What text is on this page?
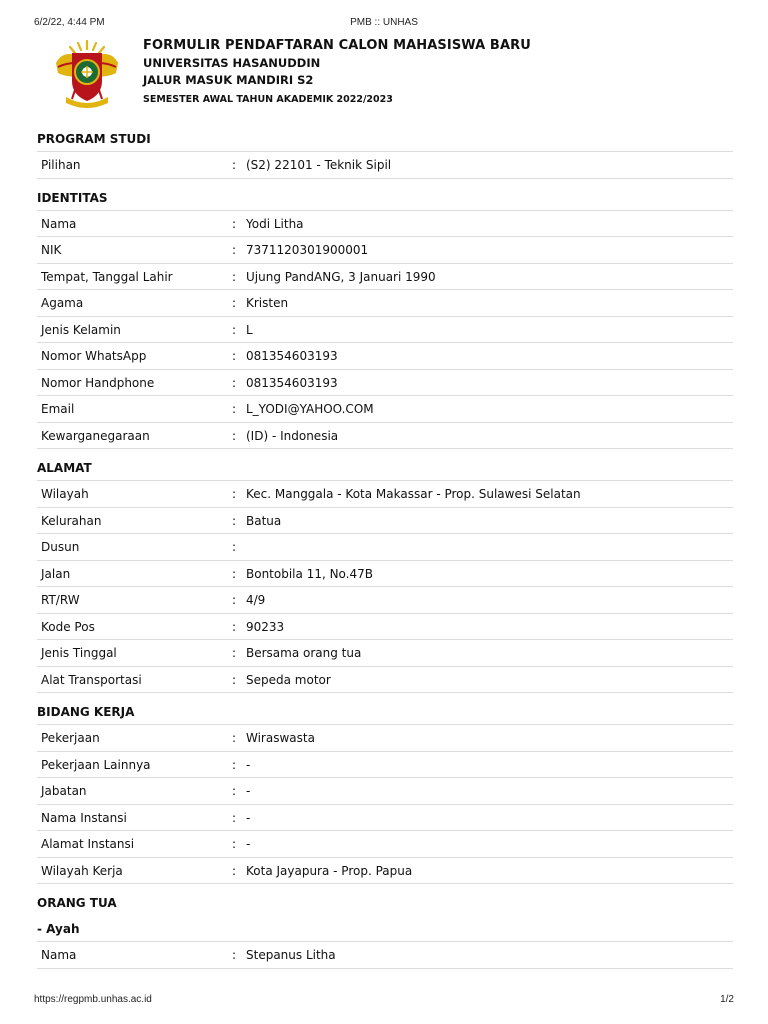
6/2/22, 4:44 PM	PMB :: UNHAS
FORMULIR PENDAFTARAN CALON MAHASISWA BARU
UNIVERSITAS HASANUDDIN
JALUR MASUK MANDIRI S2
SEMESTER AWAL TAHUN AKADEMIK 2022/2023
PROGRAM STUDI
Pilihan	: (S2) 22101 - Teknik Sipil
IDENTITAS
Nama	: Yodi Litha
NIK	: 7371120301900001
Tempat, Tanggal Lahir	: Ujung PandANG, 3 Januari 1990
Agama	: Kristen
Jenis Kelamin	: L
Nomor WhatsApp	: 081354603193
Nomor Handphone	: 081354603193
Email	: L_YODI@YAHOO.COM
Kewarganegaraan	: (ID) - Indonesia
ALAMAT
Wilayah	: Kec. Manggala - Kota Makassar - Prop. Sulawesi Selatan
Kelurahan	: Batua
Dusun	:
Jalan	: Bontobila 11, No.47B
RT/RW	: 4/9
Kode Pos	: 90233
Jenis Tinggal	: Bersama orang tua
Alat Transportasi	: Sepeda motor
BIDANG KERJA
Pekerjaan	: Wiraswasta
Pekerjaan Lainnya	: -
Jabatan	: -
Nama Instansi	: -
Alamat Instansi	: -
Wilayah Kerja	: Kota Jayapura - Prop. Papua
ORANG TUA
- Ayah
Nama	: Stepanus Litha
https://regpmb.unhas.ac.id	1/2
